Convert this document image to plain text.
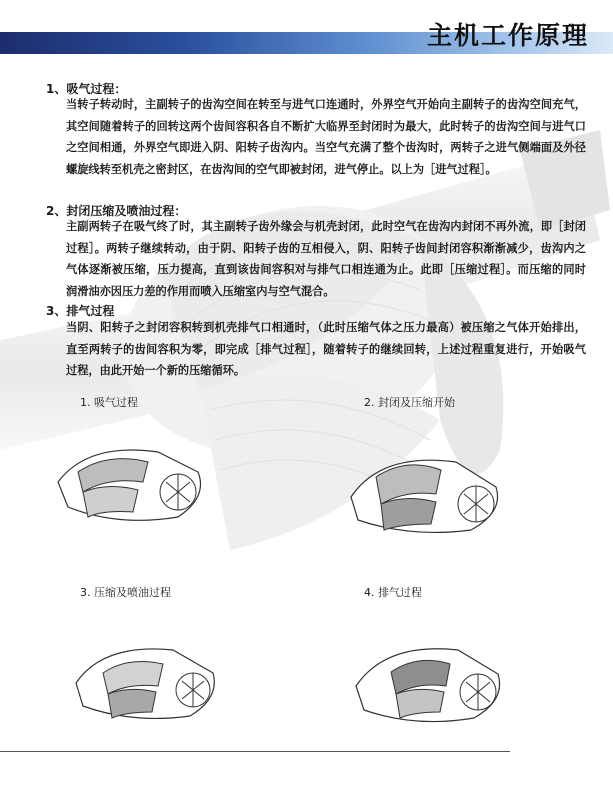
主机工作原理
1、吸气过程：
当转子转动时，主副转子的齿沟空间在转至与进气口连通时，外界空气开始向主副转子的齿沟空间充气，其空间随着转子的回转这两个齿间容积各自不断扩大临界至封闭时为最大，此时转子的齿沟空间与进气口之空间相通，外界空气即进入阴、阳转子齿沟内。当空气充满了整个齿沟时，两转子之进气侧端面及外径螺旋线转至机壳之密封区，在齿沟间的空气即被封闭，进气停止。以上为［进气过程］。
2、封闭压缩及喷油过程：
主副两转子在吸气终了时，其主副转子齿外缘会与机壳封闭，此时空气在齿沟内封闭不再外流，即［封闭过程］。两转子继续转动，由于阴、阳转子齿的互相侵入，阴、阳转子齿间封闭容积渐渐减少，齿沟内之气体逐渐被压缩，压力提高，直到该齿间容积对与排气口相连通为止。此即［压缩过程］。而压缩的同时润滑油亦因压力差的作用而喷入压缩室内与空气混合。
3、排气过程
当阴、阳转子之封闭容积转到机壳排气口相通时，（此时压缩气体之压力最高）被压缩之气体开始排出，直至两转子的齿间容积为零，即完成［排气过程］，随着转子的继续回转，上述过程重复进行，开始吸气过程，由此开始一个新的压缩循环。
1. 吸气过程	2. 封闭及压缩开始
3. 压缩及喷油过程	4. 排气过程
